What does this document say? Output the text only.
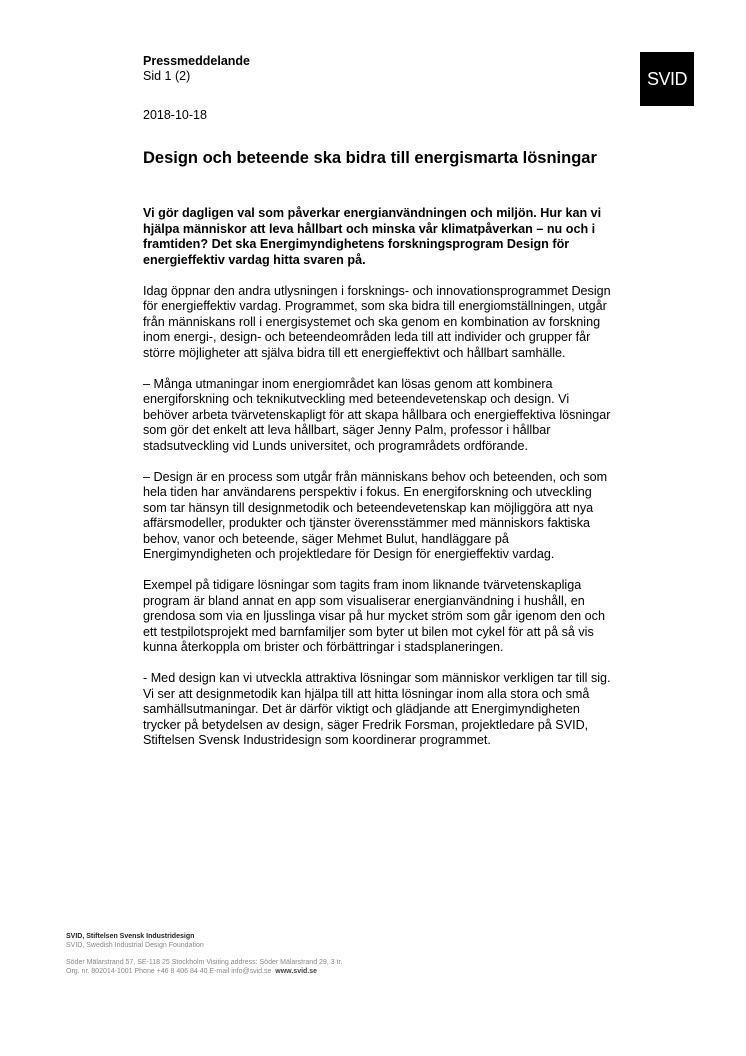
Pressmeddelande
Sid 1 (2)
2018-10-18
SVID
Design och beteende ska bidra till energismarta lösningar

Vi gör dagligen val som påverkar energianvändningen och miljön. Hur kan vi hjälpa människor att leva hållbart och minska vår klimatpåverkan – nu och i framtiden? Det ska Energimyndighetens forskningsprogram Design för energieffektiv vardag hitta svaren på.

Idag öppnar den andra utlysningen i forsknings- och innovationsprogrammet Design för energieffektiv vardag. Programmet, som ska bidra till energiomställningen, utgår från människans roll i energisystemet och ska genom en kombination av forskning inom energi-, design- och beteendeområden leda till att individer och grupper får större möjligheter att själva bidra till ett energieffektivt och hållbart samhälle.

– Många utmaningar inom energiområdet kan lösas genom att kombinera energiforskning och teknikutveckling med beteendevetenskap och design. Vi behöver arbeta tvärvetenskapligt för att skapa hållbara och energieffektiva lösningar som gör det enkelt att leva hållbart, säger Jenny Palm, professor i hållbar stadsutveckling vid Lunds universitet, och programrådets ordförande.

– Design är en process som utgår från människans behov och beteenden, och som hela tiden har användarens perspektiv i fokus. En energiforskning och utveckling som tar hänsyn till designmetodik och beteendevetenskap kan möjliggöra att nya affärsmodeller, produkter och tjänster överensstämmer med människors faktiska behov, vanor och beteende, säger Mehmet Bulut, handläggare på Energimyndigheten och projektledare för Design för energieffektiv vardag.

Exempel på tidigare lösningar som tagits fram inom liknande tvärvetenskapliga program är bland annat en app som visualiserar energianvändning i hushåll, en grendosa som via en ljusslinga visar på hur mycket ström som går igenom den och ett testpilotsprojekt med barnfamiljer som byter ut bilen mot cykel för att på så vis kunna återkoppla om brister och förbättringar i stadsplaneringen.

- Med design kan vi utveckla attraktiva lösningar som människor verkligen tar till sig. Vi ser att designmetodik kan hjälpa till att hitta lösningar inom alla stora och små samhällsutmaningar. Det är därför viktigt och glädjande att Energimyndigheten trycker på betydelsen av design, säger Fredrik Forsman, projektledare på SVID, Stiftelsen Svensk Industridesign som koordinerar programmet.

SVID, Stiftelsen Svensk Industridesign
SVID, Swedish Industrial Design Foundation
Söder Mälarstrand 57, SE-118 25 Stockholm Visiting address: Söder Mälarstrand 29, 3 tr.
Org. nr. 802014-1001 Phone +46 8 406 84 40 E-mail info@svid.se www.svid.se
